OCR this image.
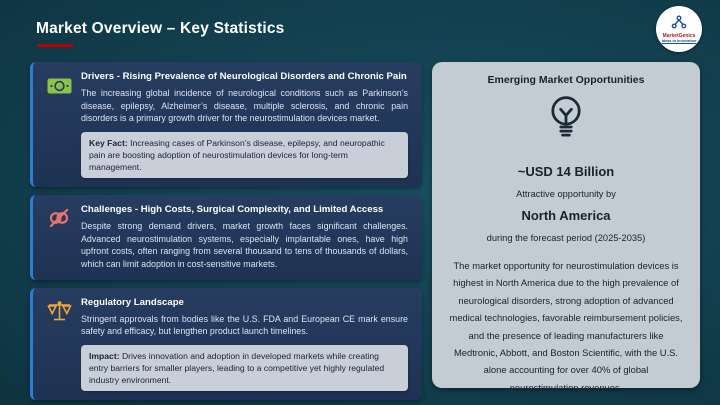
Market Overview – Key Statistics	MarketGenics
Ideas to Innovation
Drivers - Rising Prevalence of Neurological Disorders and Chronic Pain
The increasing global incidence of neurological conditions such as Parkinson’s disease, epilepsy, Alzheimer’s disease, multiple sclerosis, and chronic pain disorders is a primary growth driver for the neurostimulation devices market.
Key Fact: Increasing cases of Parkinson’s disease, epilepsy, and neuropathic pain are boosting adoption of neurostimulation devices for long-term management.
Challenges - High Costs, Surgical Complexity, and Limited Access
Despite strong demand drivers, market growth faces significant challenges. Advanced neurostimulation systems, especially implantable ones, have high upfront costs, often ranging from several thousand to tens of thousands of dollars, which can limit adoption in cost-sensitive markets.
Regulatory Landscape
Stringent approvals from bodies like the U.S. FDA and European CE mark ensure safety and efficacy, but lengthen product launch timelines.
Impact: Drives innovation and adoption in developed markets while creating entry barriers for smaller players, leading to a competitive yet highly regulated industry environment.
Emerging Market Opportunities
~USD 14 Billion
Attractive opportunity by
North America
during the forecast period (2025-2035)
The market opportunity for neurostimulation devices is highest in North America due to the high prevalence of neurological disorders, strong adoption of advanced medical technologies, favorable reimbursement policies, and the presence of leading manufacturers like Medtronic, Abbott, and Boston Scientific, with the U.S. alone accounting for over 40% of global neurostimulation revenues.
